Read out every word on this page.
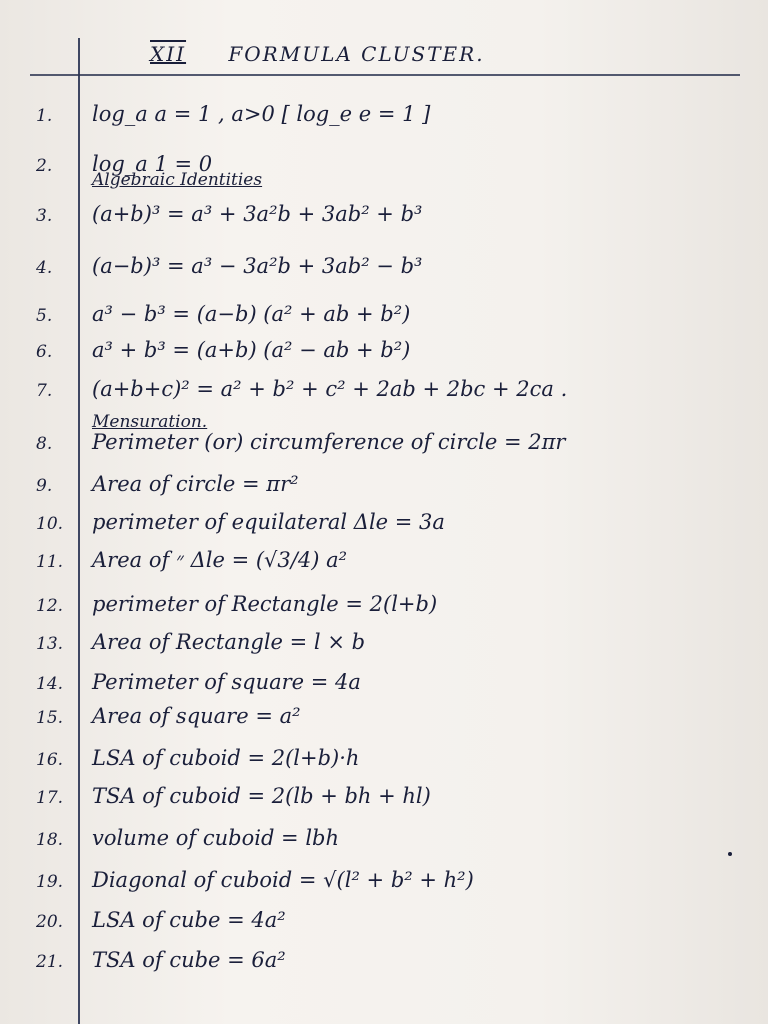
XII FORMULA CLUSTER.
Algebraic Identities
Mensuration.
1.	log_a a = 1 , a>0 [ log_e e = 1 ]
2.	log_a 1 = 0
3.	(a+b)³ = a³ + 3a²b + 3ab² + b³
4.	(a−b)³ = a³ − 3a²b + 3ab² − b³
5.	a³ − b³ = (a−b) (a² + ab + b²)
6.	a³ + b³ = (a+b) (a² − ab + b²)
7.	(a+b+c)² = a² + b² + c² + 2ab + 2bc + 2ca .
8.	Perimeter (or) circumference of circle = 2πr
9.	Area of circle = πr²
10.	perimeter of equilateral Δle = 3a
11.	Area of ״ Δle = (√3/4) a²
12.	perimeter of Rectangle = 2(l+b)
13.	Area of Rectangle = l × b
14.	Perimeter of square = 4a
15.	Area of square = a²
16.	LSA of cuboid = 2(l+b)·h
17.	TSA of cuboid = 2(lb + bh + hl)
18.	volume of cuboid = lbh
19.	Diagonal of cuboid = √(l² + b² + h²)
20.	LSA of cube = 4a²
21.	TSA of cube = 6a²
